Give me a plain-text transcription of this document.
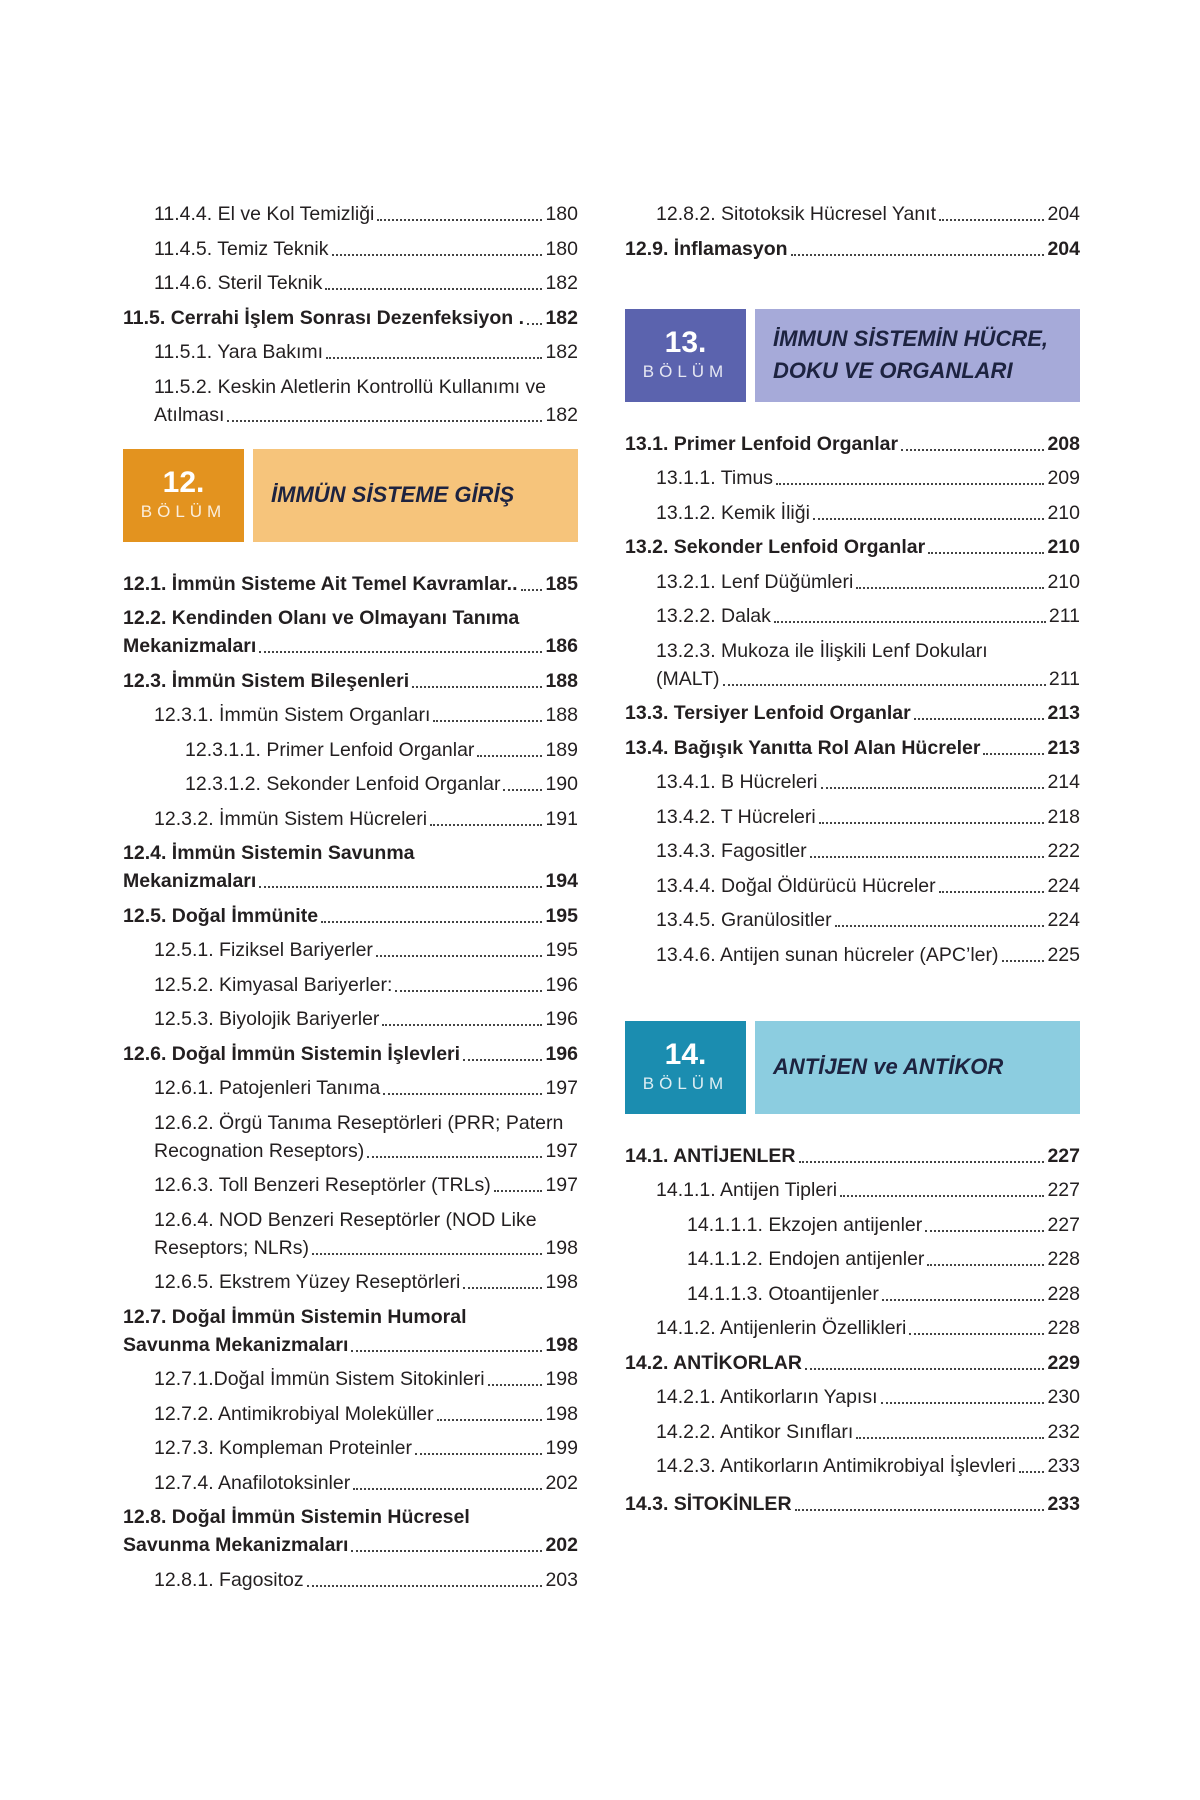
11.4.4. El ve Kol Temizliği	180
11.4.5. Temiz Teknik	180
11.4.6. Steril Teknik	182
11.5. Cerrahi İşlem Sonrası Dezenfeksiyon . 182
11.5.1. Yara Bakımı	182
11.5.2. Keskin Aletlerin Kontrollü Kullanımı ve
Atılması	182
12.
BÖLÜM
İMMÜN SİSTEME GİRİŞ
12.1. İmmün Sisteme Ait Temel Kavramlar.. 185
12.2. Kendinden Olanı ve Olmayanı Tanıma
Mekanizmaları	186
12.3. İmmün Sistem Bileşenleri	188
12.3.1. İmmün Sistem Organları	188
12.3.1.1. Primer Lenfoid Organlar	189
12.3.1.2. Sekonder Lenfoid Organlar 190
12.3.2. İmmün Sistem Hücreleri	191
12.4. İmmün Sistemin Savunma
Mekanizmaları	194
12.5. Doğal İmmünite	195
12.5.1. Fiziksel Bariyerler	195
12.5.2. Kimyasal Bariyerler:	196
12.5.3. Biyolojik Bariyerler	196
12.6. Doğal İmmün Sistemin İşlevleri	196
12.6.1. Patojenleri Tanıma	197
12.6.2. Örgü Tanıma Reseptörleri (PRR; Patern
Recognation Reseptors)	197
12.6.3. Toll Benzeri Reseptörler (TRLs)	197
12.6.4. NOD Benzeri Reseptörler (NOD Like
Reseptors; NLRs)	198
12.6.5. Ekstrem Yüzey Reseptörleri	198
12.7. Doğal İmmün Sistemin Humoral
Savunma Mekanizmaları	198
12.7.1.Doğal İmmün Sistem Sitokinleri	198
12.7.2. Antimikrobiyal Moleküller	198
12.7.3. Kompleman Proteinler	199
12.7.4. Anafilotoksinler	202
12.8. Doğal İmmün Sistemin Hücresel
Savunma Mekanizmaları	202
12.8.1. Fagositoz	203
12.8.2. Sitotoksik Hücresel Yanıt	204
12.9. İnflamasyon	204
13.
BÖLÜM
İMMUN SİSTEMİN HÜCRE,
DOKU VE ORGANLARI
13.1. Primer Lenfoid Organlar	208
13.1.1. Timus	209
13.1.2. Kemik İliği	210
13.2. Sekonder Lenfoid Organlar	210
13.2.1. Lenf Düğümleri	210
13.2.2. Dalak	211
13.2.3. Mukoza ile İlişkili Lenf Dokuları
(MALT)	211
13.3. Tersiyer Lenfoid Organlar	213
13.4. Bağışık Yanıtta Rol Alan Hücreler	213
13.4.1. B Hücreleri	214
13.4.2. T Hücreleri	218
13.4.3. Fagositler	222
13.4.4. Doğal Öldürücü Hücreler	224
13.4.5. Granülositler	224
13.4.6. Antijen sunan hücreler (APC’ler)	225
14.
BÖLÜM
ANTİJEN ve ANTİKOR
14.1. ANTİJENLER	227
14.1.1. Antijen Tipleri	227
14.1.1.1. Ekzojen antijenler	227
14.1.1.2. Endojen antijenler	228
14.1.1.3. Otoantijenler	228
14.1.2. Antijenlerin Özellikleri	228
14.2. ANTİKORLAR	229
14.2.1. Antikorların Yapısı	230
14.2.2. Antikor Sınıfları	232
14.2.3. Antikorların Antimikrobiyal İşlevleri 233
14.3. SİTOKİNLER	233
